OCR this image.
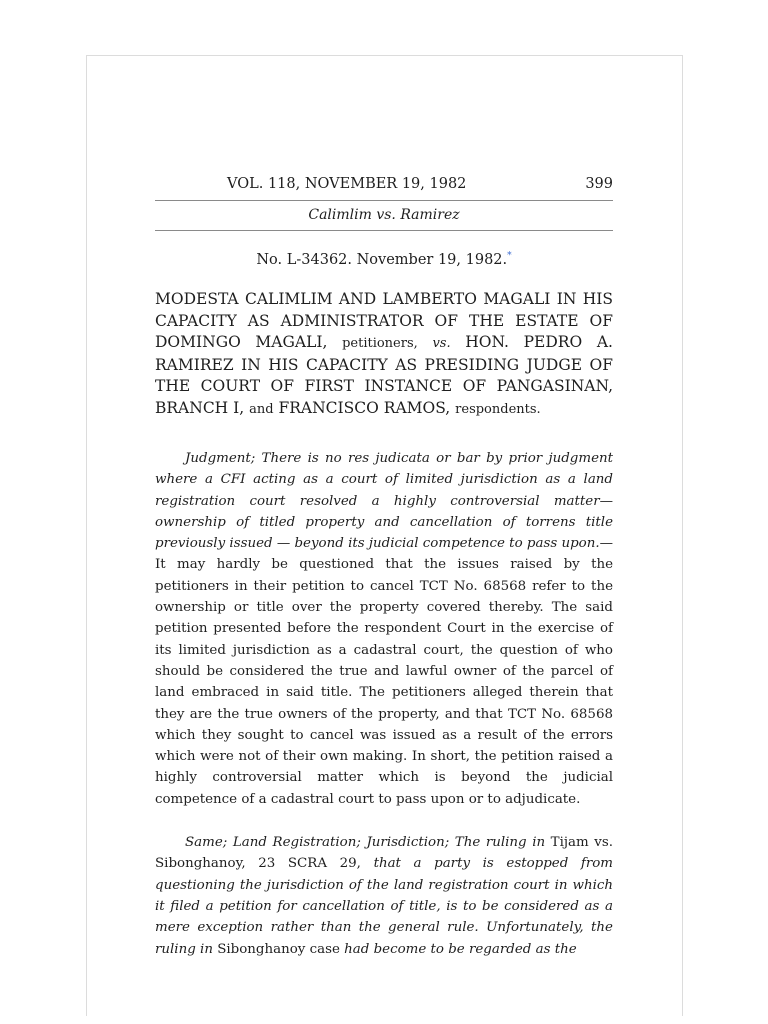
VOL. 118, NOVEMBER 19, 1982	399
Calimlim vs. Ramirez
No. L-34362. November 19, 1982.*
MODESTA CALIMLIM AND LAMBERTO MAGALI IN HIS CAPACITY AS ADMINISTRATOR OF THE ESTATE OF DOMINGO MAGALI, petitioners, vs. HON. PEDRO A. RAMIREZ IN HIS CAPACITY AS PRESIDING JUDGE OF THE COURT OF FIRST INSTANCE OF PANGASINAN, BRANCH I, and FRANCISCO RAMOS, respondents.

Judgment; There is no res judicata or bar by prior judgment where a CFI acting as a court of limited jurisdiction as a land registration court resolved a highly controversial matter—ownership of titled property and cancellation of torrens title previously issued — beyond its judicial competence to pass upon.— It may hardly be questioned that the issues raised by the petitioners in their petition to cancel TCT No. 68568 refer to the ownership or title over the property covered thereby. The said petition presented before the respondent Court in the exercise of its limited jurisdiction as a cadastral court, the question of who should be considered the true and lawful owner of the parcel of land embraced in said title. The petitioners alleged therein that they are the true owners of the property, and that TCT No. 68568 which they sought to cancel was issued as a result of the errors which were not of their own making. In short, the petition raised a highly controversial matter which is beyond the judicial competence of a cadastral court to pass upon or to adjudicate.

Same; Land Registration; Jurisdiction; The ruling in Tijam vs. Sibonghanoy, 23 SCRA 29, that a party is estopped from questioning the jurisdiction of the land registration court in which it filed a petition for cancellation of title, is to be considered as a mere exception rather than the general rule. Unfortunately, the ruling in Sibonghanoy case had become to be regarded as the
